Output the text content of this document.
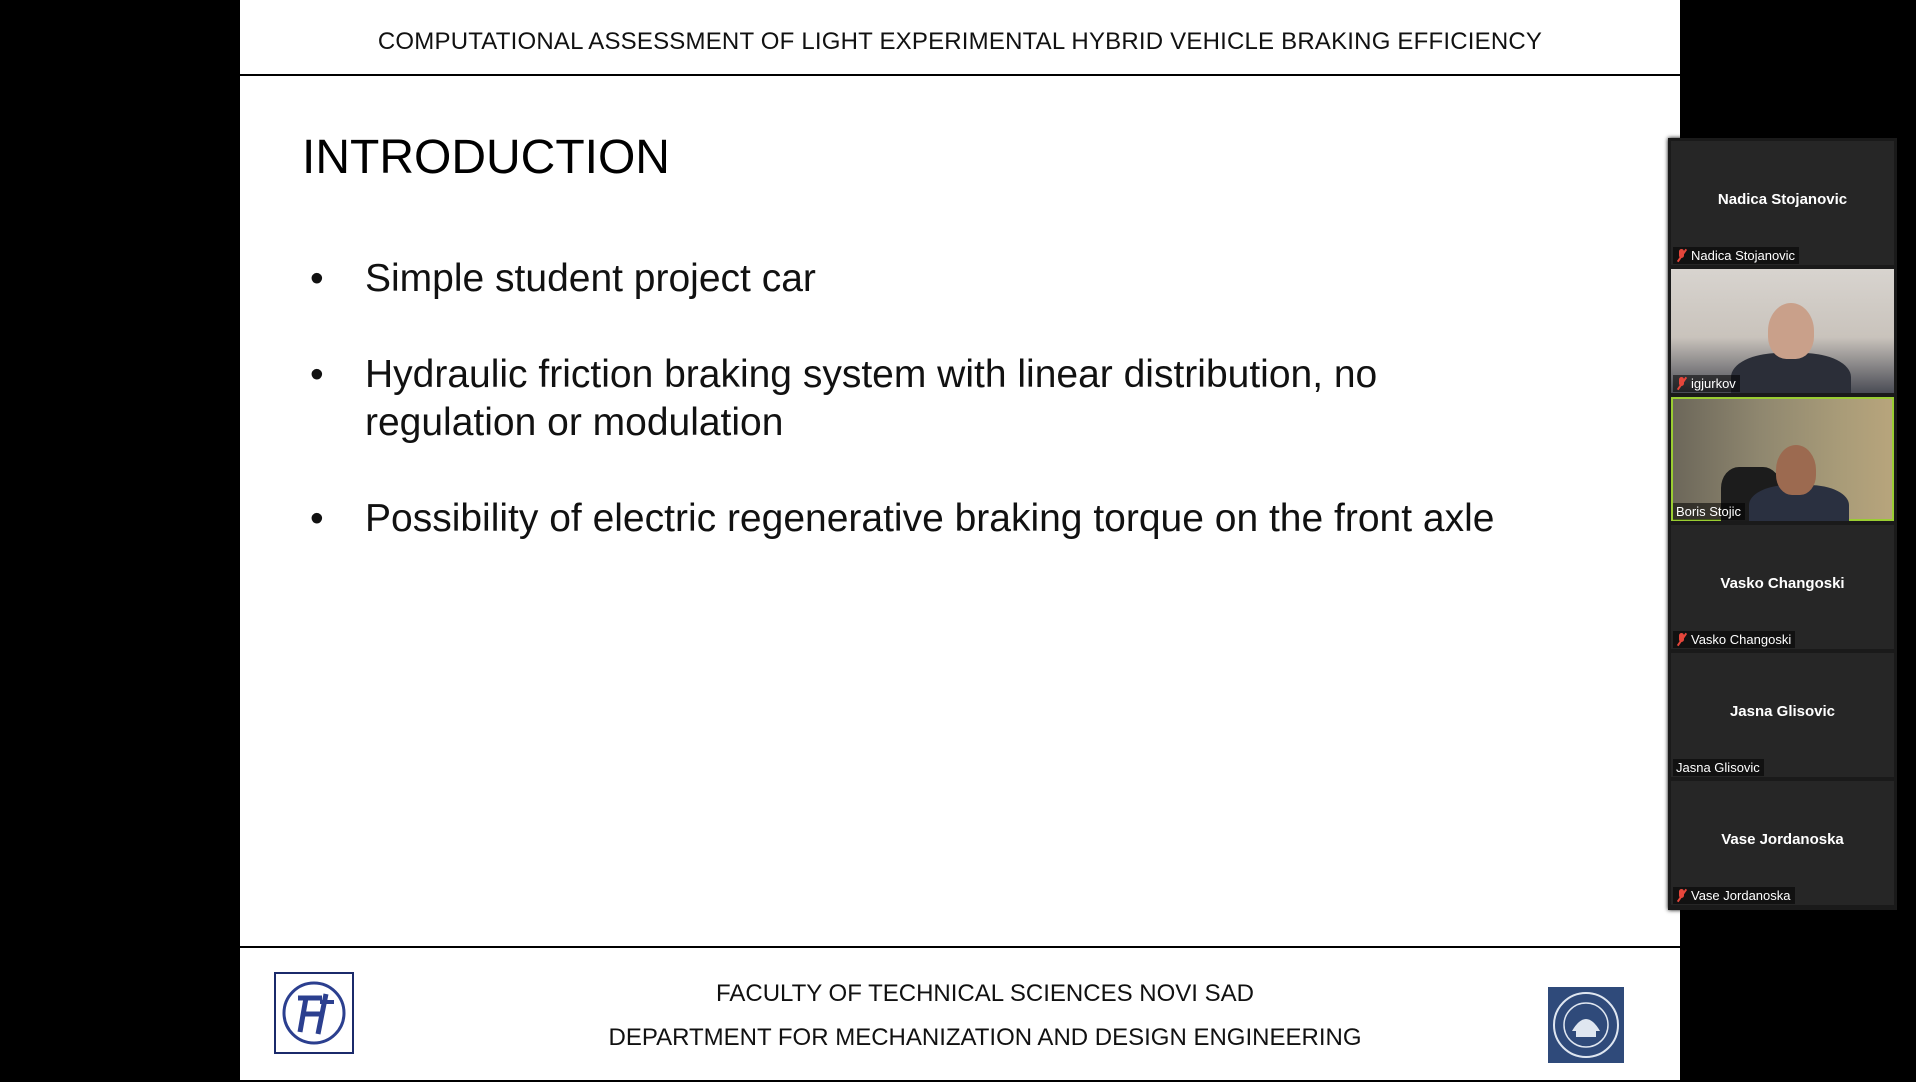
COMPUTATIONAL ASSESSMENT OF LIGHT EXPERIMENTAL HYBRID VEHICLE BRAKING EFFICIENCY
INTRODUCTION
•	Simple student project car
•	Hydraulic friction braking system with linear distribution, no regulation or modulation
•	Possibility of electric regenerative braking torque on the front axle
FACULTY OF TECHNICAL SCIENCES NOVI SAD
DEPARTMENT FOR MECHANIZATION AND DESIGN ENGINEERING
Nadica Stojanovic
Nadica Stojanovic
igjurkov
Boris Stojic
Vasko Changoski
Vasko Changoski
Jasna Glisovic
Jasna Glisovic
Vase Jordanoska
Vase Jordanoska
